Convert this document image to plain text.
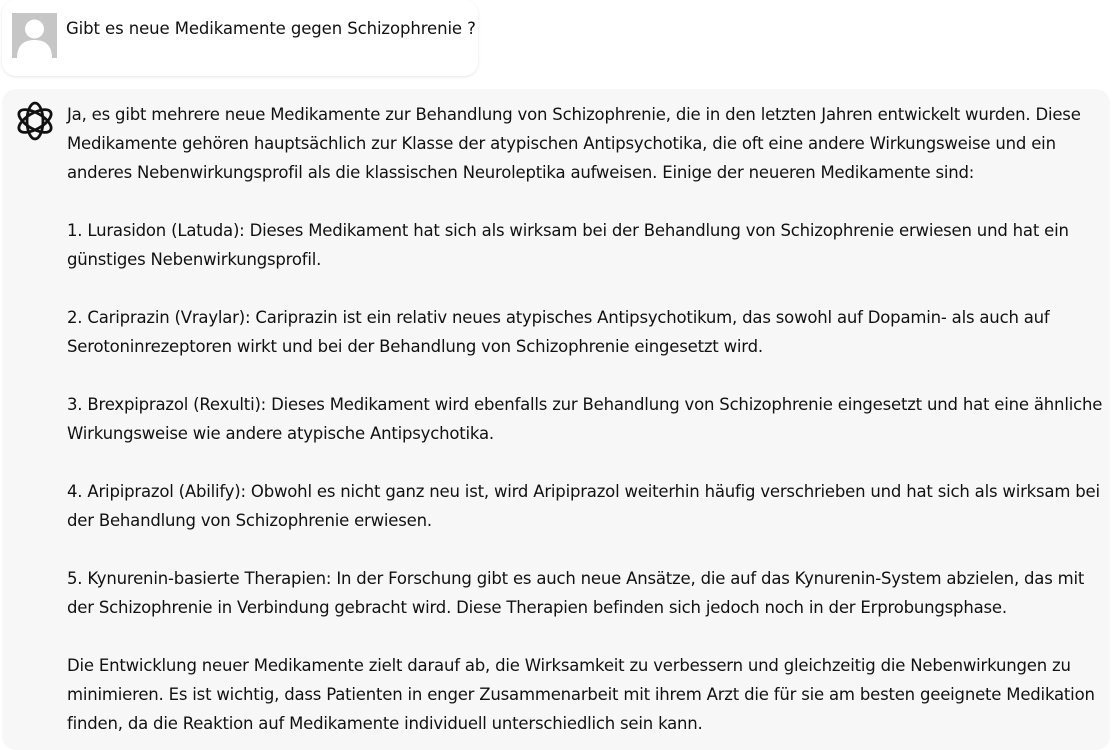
Gibt es neue Medikamente gegen Schizophrenie ?

Ja, es gibt mehrere neue Medikamente zur Behandlung von Schizophrenie, die in den letzten Jahren entwickelt wurden. Diese Medikamente gehören hauptsächlich zur Klasse der atypischen Antipsychotika, die oft eine andere Wirkungsweise und ein anderes Nebenwirkungsprofil als die klassischen Neuroleptika aufweisen. Einige der neueren Medikamente sind:

1. Lurasidon (Latuda): Dieses Medikament hat sich als wirksam bei der Behandlung von Schizophrenie erwiesen und hat ein günstiges Nebenwirkungsprofil.

2. Cariprazin (Vraylar): Cariprazin ist ein relativ neues atypisches Antipsychotikum, das sowohl auf Dopamin- als auch auf Serotoninrezeptoren wirkt und bei der Behandlung von Schizophrenie eingesetzt wird.

3. Brexpiprazol (Rexulti): Dieses Medikament wird ebenfalls zur Behandlung von Schizophrenie eingesetzt und hat eine ähnliche Wirkungsweise wie andere atypische Antipsychotika.

4. Aripiprazol (Abilify): Obwohl es nicht ganz neu ist, wird Aripiprazol weiterhin häufig verschrieben und hat sich als wirksam bei der Behandlung von Schizophrenie erwiesen.

5. Kynurenin-basierte Therapien: In der Forschung gibt es auch neue Ansätze, die auf das Kynurenin-System abzielen, das mit der Schizophrenie in Verbindung gebracht wird. Diese Therapien befinden sich jedoch noch in der Erprobungsphase.

Die Entwicklung neuer Medikamente zielt darauf ab, die Wirksamkeit zu verbessern und gleichzeitig die Nebenwirkungen zu minimieren. Es ist wichtig, dass Patienten in enger Zusammenarbeit mit ihrem Arzt die für sie am besten geeignete Medikation finden, da die Reaktion auf Medikamente individuell unterschiedlich sein kann.
